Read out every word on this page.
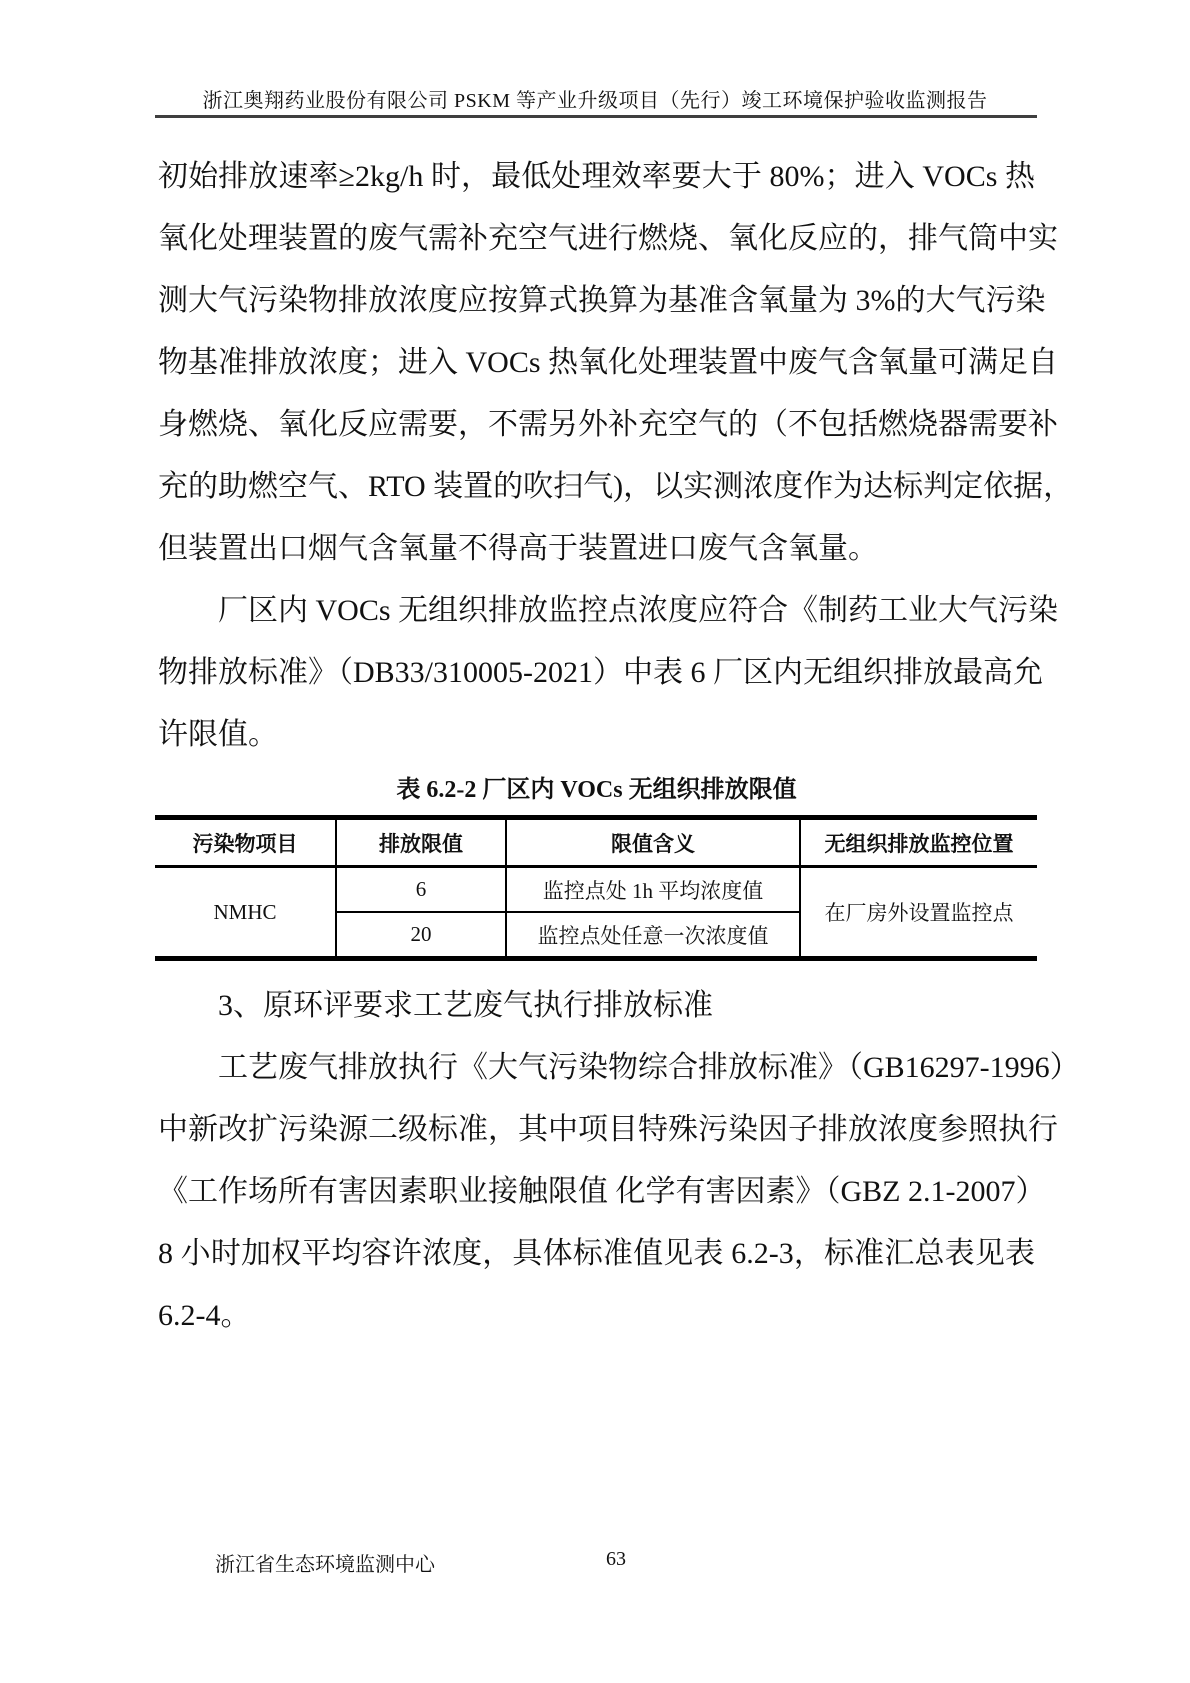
浙江奥翔药业股份有限公司 PSKM 等产业升级项目（先行）竣工环境保护验收监测报告
初始排放速率≥2kg/h 时，最低处理效率要大于 80%；进入 VOCs 热
氧化处理装置的废气需补充空气进行燃烧、氧化反应的，排气筒中实
测大气污染物排放浓度应按算式换算为基准含氧量为 3%的大气污染
物基准排放浓度；进入 VOCs 热氧化处理装置中废气含氧量可满足自
身燃烧、氧化反应需要，不需另外补充空气的（不包括燃烧器需要补
充的助燃空气、RTO 装置的吹扫气)，以实测浓度作为达标判定依据，
但装置出口烟气含氧量不得高于装置进口废气含氧量。
厂区内 VOCs 无组织排放监控点浓度应符合《制药工业大气污染
物排放标准》（DB33/310005-2021）中表 6 厂区内无组织排放最高允
许限值。
表 6.2-2 厂区内 VOCs 无组织排放限值
污染物项目	排放限值	限值含义	无组织排放监控位置
NMHC	6	监控点处 1h 平均浓度值	在厂房外设置监控点
	20	监控点处任意一次浓度值	
3、原环评要求工艺废气执行排放标准
工艺废气排放执行《大气污染物综合排放标准》（GB16297-1996）
中新改扩污染源二级标准，其中项目特殊污染因子排放浓度参照执行
《工作场所有害因素职业接触限值 化学有害因素》（GBZ 2.1-2007）
8 小时加权平均容许浓度，具体标准值见表 6.2-3，标准汇总表见表
6.2-4。
浙江省生态环境监测中心	63
